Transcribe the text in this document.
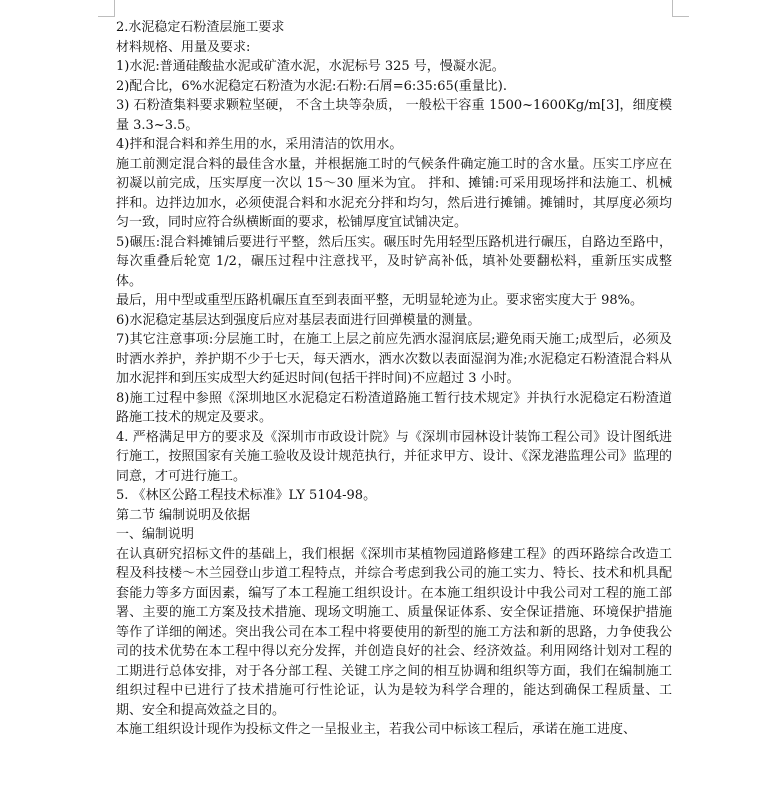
2.水泥稳定石粉渣层施工要求

材料规格、用量及要求:

1)水泥:普通硅酸盐水泥或矿渣水泥，水泥标号 325 号，慢凝水泥。

2)配合比，6%水泥稳定石粉渣为水泥:石粉:石屑=6:35:65(重量比).

3) 石粉渣集料要求颗粒坚硬， 不含土块等杂质， 一般松干容重 1500~1600Kg/m[3]，细度模量 3.3~3.5。

4)拌和混合料和养生用的水，采用清洁的饮用水。

施工前测定混合料的最佳含水量，并根据施工时的气候条件确定施工时的含水量。压实工序应在初凝以前完成，压实厚度一次以 15～30 厘米为宜。 拌和、摊铺:可采用现场拌和法施工、机械拌和。边拌边加水，必须使混合料和水泥充分拌和均匀，然后进行摊铺。摊铺时，其厚度必须均匀一致，同时应符合纵横断面的要求，松铺厚度宜试铺决定。

5)碾压:混合料摊铺后要进行平整，然后压实。碾压时先用轻型压路机进行碾压，自路边至路中，每次重叠后轮宽 1/2，碾压过程中注意找平，及时铲高补低，填补处要翻松料，重新压实成整体。

最后，用中型或重型压路机碾压直至到表面平整，无明显轮迹为止。要求密实度大于 98%。

6)水泥稳定基层达到强度后应对基层表面进行回弹模量的测量。

7)其它注意事项:分层施工时，在施工上层之前应先洒水湿润底层;避免雨天施工;成型后，必须及时洒水养护，养护期不少于七天，每天洒水，洒水次数以表面湿润为准;水泥稳定石粉渣混合料从加水泥拌和到压实成型大约延迟时间(包括干拌时间)不应超过 3 小时。

8)施工过程中参照《深圳地区水泥稳定石粉渣道路施工暂行技术规定》并执行水泥稳定石粉渣道路施工技术的规定及要求。

4. 严格满足甲方的要求及《深圳市市政设计院》与《深圳市园林设计装饰工程公司》设计图纸进行施工，按照国家有关施工验收及设计规范执行，并征求甲方、设计、《深龙港监理公司》监理的同意，才可进行施工。

5. 《林区公路工程技术标准》LY 5104-98。

第二节 编制说明及依据

一、编制说明

在认真研究招标文件的基础上，我们根据《深圳市某植物园道路修建工程》的西环路综合改造工程及科技楼～木兰园登山步道工程特点，并综合考虑到我公司的施工实力、特长、技术和机具配套能力等多方面因素，编写了本工程施工组织设计。在本施工组织设计中我公司对工程的施工部署、主要的施工方案及技术措施、现场文明施工、质量保证体系、安全保证措施、环境保护措施等作了详细的阐述。突出我公司在本工程中将要使用的新型的施工方法和新的思路，力争使我公司的技术优势在本工程中得以充分发挥，并创造良好的社会、经济效益。利用网络计划对工程的工期进行总体安排，对于各分部工程、关键工序之间的相互协调和组织等方面，我们在编制施工组织过程中已进行了技术措施可行性论证，认为是较为科学合理的，能达到确保工程质量、工期、安全和提高效益之目的。

本施工组织设计现作为投标文件之一呈报业主，若我公司中标该工程后，承诺在施工进度、
